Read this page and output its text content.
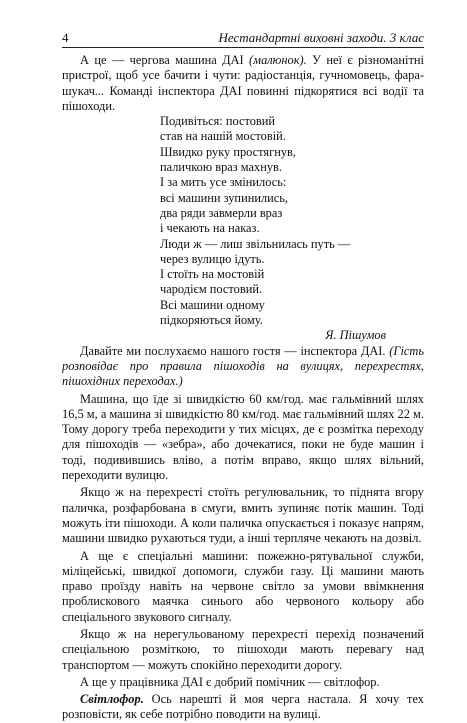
4	Нестандартні виховні заходи. 3 клас

А це — чергова машина ДАІ (малюнок). У неї є різноманітні пристрої, щоб усе бачити і чути: радіостанція, гучномовець, фара-шукач... Команді інспектора ДАІ повинні підкорятися всі водії та пішоходи.

Подивіться: постовий
став на нашій мостовій.
Швидко руку простягнув,
паличкою враз махнув.
І за мить усе змінилось:
всі машини зупинились,
два ряди завмерли враз
і чекають на наказ.
Люди ж — лиш звільнилась путь —
через вулицю ідуть.
І стоїть на мостовій
чародієм постовий.
Всі машини одному
підкоряються йому.

Я. Пішумов

Давайте ми послухаємо нашого гостя — інспектора ДАІ. (Гість розповідає про правила пішоходів на вулицях, перехрестях, пішохідних переходах.)

Машина, що їде зі швидкістю 60 км/год. має гальмівний шлях 16,5 м, а машина зі швидкістю 80 км/год. має гальмівний шлях 22 м. Тому дорогу треба переходити у тих місцях, де є розмітка переходу для пішоходів — «зебра», або дочекатися, поки не буде машин і тоді, подивившись вліво, а потім вправо, якщо шлях вільний, переходити вулицю.

Якщо ж на перехресті стоїть регулювальник, то піднята вгору паличка, розфарбована в смуги, вмить зупиняє потік машин. Тоді можуть іти пішоходи. А коли паличка опускається і показує напрям, машини швидко рухаються туди, а інші терпляче чекають на дозвіл.

А ще є спеціальні машини: пожежно-рятувальної служби, міліцейські, швидкої допомоги, служби газу. Ці машини мають право проїзду навіть на червоне світло за умови ввімкнення проблискового маячка синього або червоного кольору або спеціального звукового сигналу.

Якщо ж на нерегульованому перехресті перехід позначений спеціальною розміткою, то пішоходи мають перевагу над транспортом — можуть спокійно переходити дорогу.

А ще у працівника ДАІ є добрий помічник — світлофор.

Світлофор. Ось нарешті й моя черга настала. Я хочу тех розповісти, як себе потрібно поводити на вулиці.
